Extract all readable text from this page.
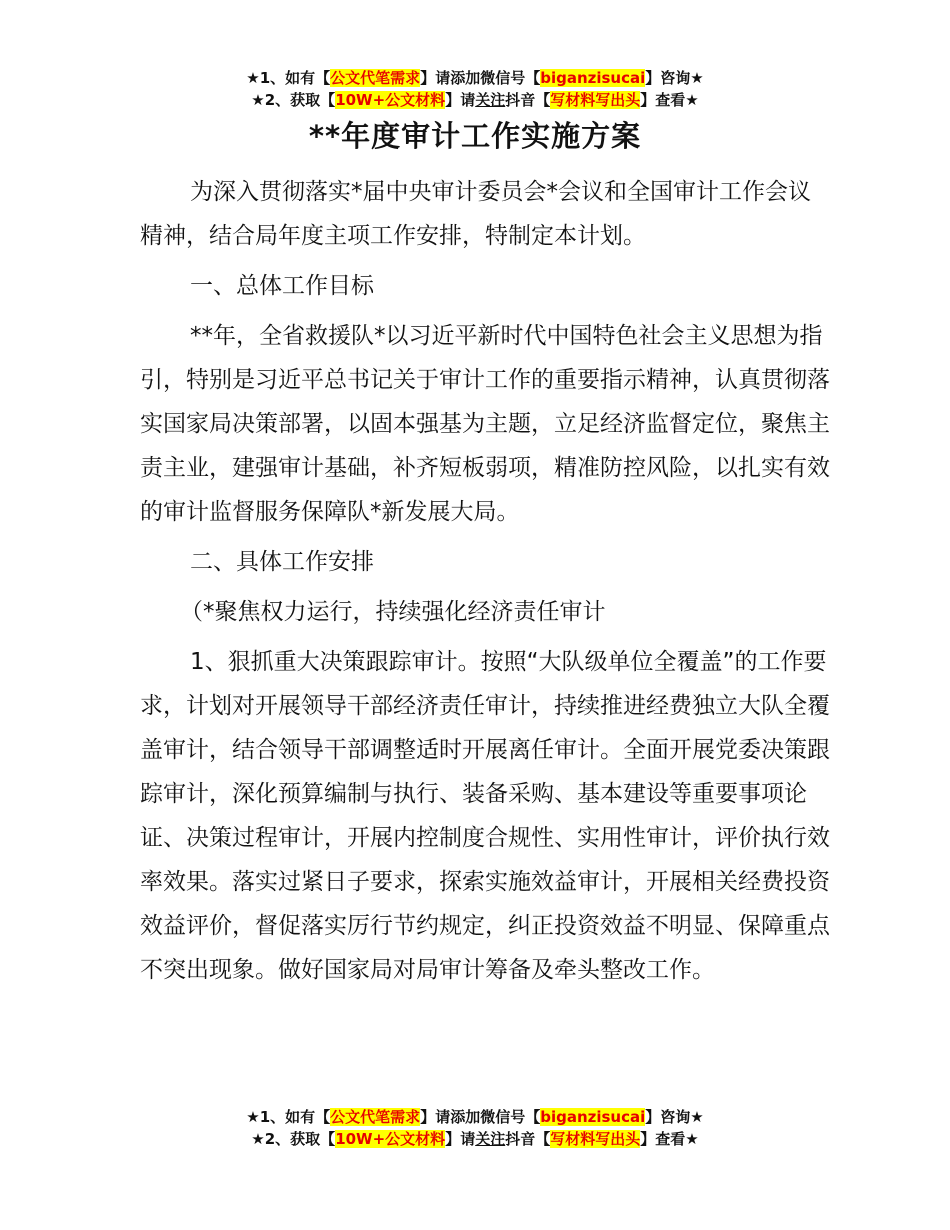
★1、如有【公文代笔需求】请添加微信号【biganzisucai】咨询★
★2、获取【10W+公文材料】请关注抖音【写材料写出头】查看★
**年度审计工作实施方案

为深入贯彻落实*届中央审计委员会*会议和全国审计工作会议精神，结合局年度主项工作安排，特制定本计划。

一、总体工作目标

**年，全省救援队*以习近平新时代中国特色社会主义思想为指引，特别是习近平总书记关于审计工作的重要指示精神，认真贯彻落实国家局决策部署，以固本强基为主题，立足经济监督定位，聚焦主责主业，建强审计基础，补齐短板弱项，精准防控风险，以扎实有效的审计监督服务保障队*新发展大局。

二、具体工作安排

（*聚焦权力运行，持续强化经济责任审计

1、狠抓重大决策跟踪审计。按照“大队级单位全覆盖”的工作要求，计划对开展领导干部经济责任审计，持续推进经费独立大队全覆盖审计，结合领导干部调整适时开展离任审计。全面开展党委决策跟踪审计，深化预算编制与执行、装备采购、基本建设等重要事项论证、决策过程审计，开展内控制度合规性、实用性审计，评价执行效率效果。落实过紧日子要求，探索实施效益审计，开展相关经费投资效益评价，督促落实厉行节约规定，纠正投资效益不明显、保障重点不突出现象。做好国家局对局审计筹备及牵头整改工作。

★1、如有【公文代笔需求】请添加微信号【biganzisucai】咨询★
★2、获取【10W+公文材料】请关注抖音【写材料写出头】查看★
